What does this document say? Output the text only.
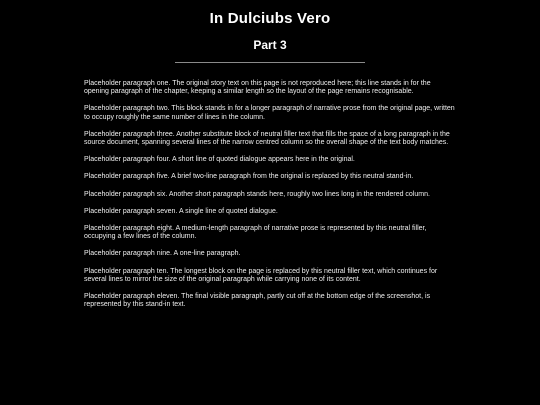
In Dulciubs Vero
Part 3

Placeholder paragraph one. The original story text on this page is not reproduced here; this line stands in for the opening paragraph of the chapter, keeping a similar length so the layout of the page remains recognisable.

Placeholder paragraph two. This block stands in for a longer paragraph of narrative prose from the original page, written to occupy roughly the same number of lines in the column.

Placeholder paragraph three. Another substitute block of neutral filler text that fills the space of a long paragraph in the source document, spanning several lines of the narrow centred column so the overall shape of the text body matches.

Placeholder paragraph four. A short line of quoted dialogue appears here in the original.

Placeholder paragraph five. A brief two-line paragraph from the original is replaced by this neutral stand-in.

Placeholder paragraph six. Another short paragraph stands here, roughly two lines long in the rendered column.

Placeholder paragraph seven. A single line of quoted dialogue.

Placeholder paragraph eight. A medium-length paragraph of narrative prose is represented by this neutral filler, occupying a few lines of the column.

Placeholder paragraph nine. A one-line paragraph.

Placeholder paragraph ten. The longest block on the page is replaced by this neutral filler text, which continues for several lines to mirror the size of the original paragraph while carrying none of its content.

Placeholder paragraph eleven. The final visible paragraph, partly cut off at the bottom edge of the screenshot, is represented by this stand-in text.
